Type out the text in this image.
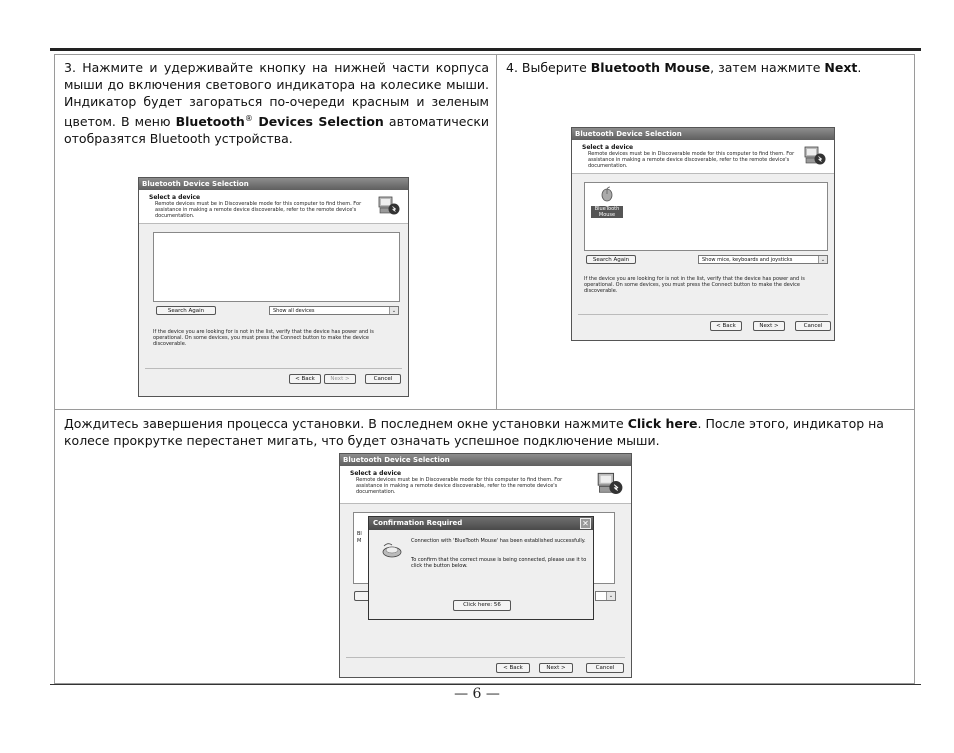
3. Нажмите и удерживайте кнопку на нижней части корпуса мыши до включения светового индикатора на колесике мыши. Индикатор будет загораться по-очереди красным и зеленым цветом. В меню Bluetooth® Devices Selection автоматически отобразятся Bluetooth устройства.

Bluetooth Device Selection
Select a device
Remote devices must be in Discoverable mode for this computer to find them. For assistance in making a remote device discoverable, refer to the remote device's documentation.
Search Again	Show all devices	⌄
If the device you are looking for is not in the list, verify that the device has power and is operational. On some devices, you must press the Connect button to make the device discoverable.
< Back	Next >	Cancel

4. Выберите Bluetooth Mouse, затем нажмите Next.

Bluetooth Device Selection
Select a device
Remote devices must be in Discoverable mode for this computer to find them. For assistance in making a remote device discoverable, refer to the remote device's documentation.
BlueTooth Mouse
Search Again	Show mice, keyboards and joysticks	⌄
If the device you are looking for is not in the list, verify that the device has power and is operational. On some devices, you must press the Connect button to make the device discoverable.
< Back	Next >	Cancel

Дождитесь завершения процесса установки. В последнем окне установки нажмите Click here. После этого, индикатор на колесе прокрутке перестанет мигать, что будет означать успешное подключение мыши.

Bluetooth Device Selection
Select a device
Remote devices must be in Discoverable mode for this computer to find them. For assistance in making a remote device discoverable, refer to the remote device's documentation.
Bl
M
⌄
< Back	Next >	Cancel
Confirmation Required	✕
Connection with 'BlueTooth Mouse' has been established successfully.
To confirm that the correct mouse is being connected, please use it to click the button below.
Click here: 56
— 6 —
